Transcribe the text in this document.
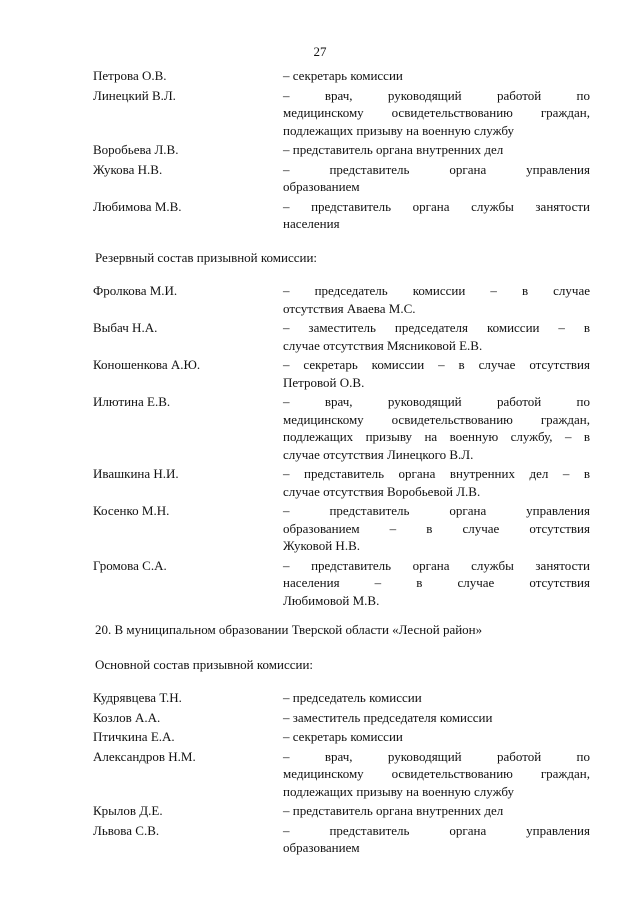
27
Петрова О.В.	– секретарь комиссии
Линецкий В.Л.	– врач, руководящий работой по
медицинскому освидетельствованию граждан,
подлежащих призыву на военную службу
Воробьева Л.В.	– представитель органа внутренних дел
Жукова Н.В.	– представитель органа управления
образованием
Любимова М.В.	– представитель органа службы занятости
населения
Резервный состав призывной комиссии:
Фролкова М.И.	– председатель комиссии – в случае
отсутствия Аваева М.С.
Выбач Н.А.	– заместитель председателя комиссии – в
случае отсутствия Мясниковой Е.В.
Коношенкова А.Ю.	– секретарь комиссии – в случае отсутствия
Петровой О.В.
Илютина Е.В.	– врач, руководящий работой по
медицинскому освидетельствованию граждан,
подлежащих призыву на военную службу, – в
случае отсутствия Линецкого В.Л.
Ивашкина Н.И.	– представитель органа внутренних дел – в
случае отсутствия Воробьевой Л.В.
Косенко М.Н.	– представитель органа управления
образованием – в случае отсутствия
Жуковой Н.В.
Громова С.А.	– представитель органа службы занятости
населения – в случае отсутствия
Любимовой М.В.
20. В муниципальном образовании Тверской области «Лесной район»
Основной состав призывной комиссии:
Кудрявцева Т.Н.	– председатель комиссии
Козлов А.А.	– заместитель председателя комиссии
Птичкина Е.А.	– секретарь комиссии
Александров Н.М.	– врач, руководящий работой по
медицинскому освидетельствованию граждан,
подлежащих призыву на военную службу
Крылов Д.Е.	– представитель органа внутренних дел
Львова С.В.	– представитель органа управления
образованием
